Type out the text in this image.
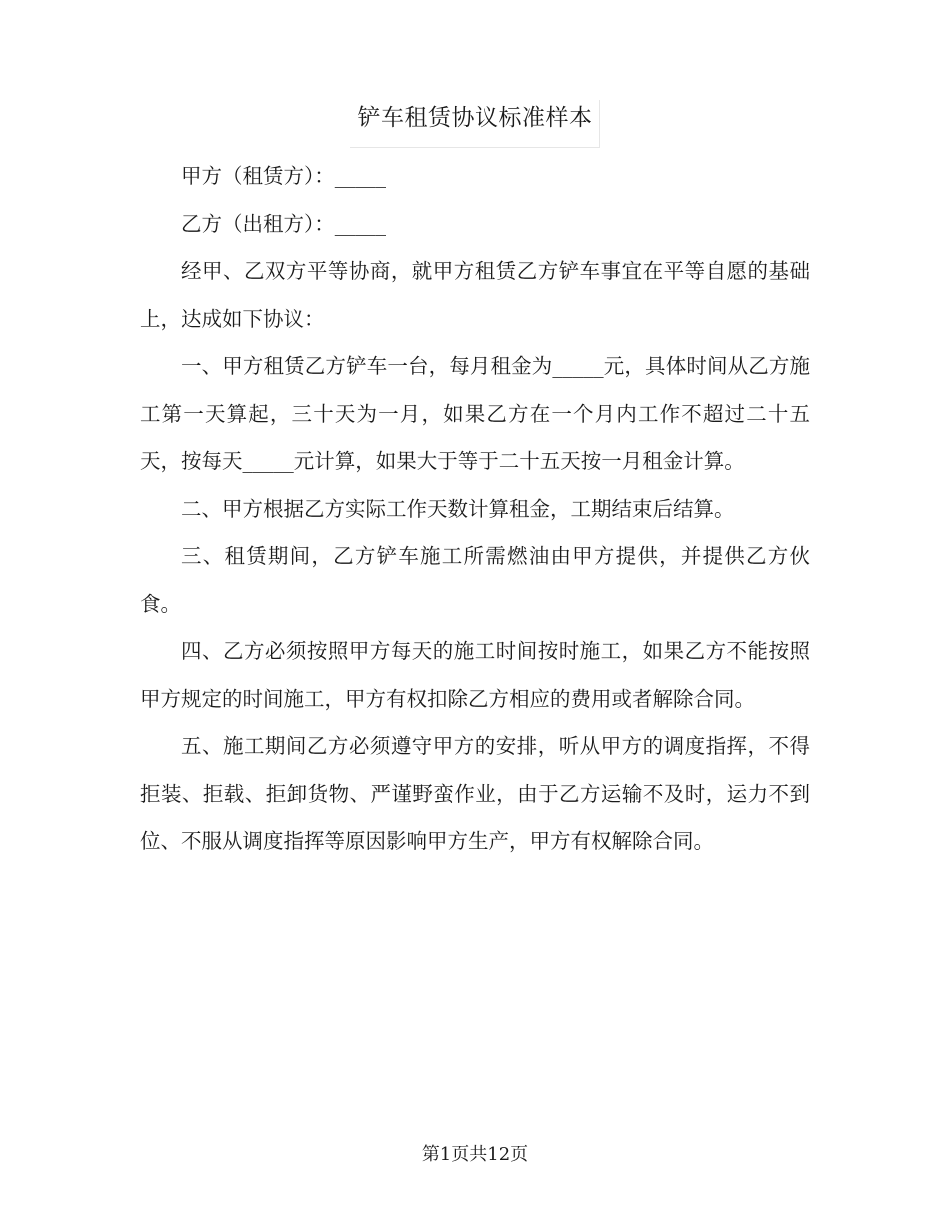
铲车租赁协议标准样本

甲方（租赁方）：_____

乙方（出租方）：_____

经甲、乙双方平等协商，就甲方租赁乙方铲车事宜在平等自愿的基础上，达成如下协议：

一、甲方租赁乙方铲车一台，每月租金为_____元，具体时间从乙方施工第一天算起，三十天为一月，如果乙方在一个月内工作不超过二十五天，按每天_____元计算，如果大于等于二十五天按一月租金计算。

二、甲方根据乙方实际工作天数计算租金，工期结束后结算。

三、租赁期间，乙方铲车施工所需燃油由甲方提供，并提供乙方伙食。

四、乙方必须按照甲方每天的施工时间按时施工，如果乙方不能按照甲方规定的时间施工，甲方有权扣除乙方相应的费用或者解除合同。

五、施工期间乙方必须遵守甲方的安排，听从甲方的调度指挥，不得拒装、拒载、拒卸货物、严谨野蛮作业，由于乙方运输不及时，运力不到位、不服从调度指挥等原因影响甲方生产，甲方有权解除合同。

第1页共12页
